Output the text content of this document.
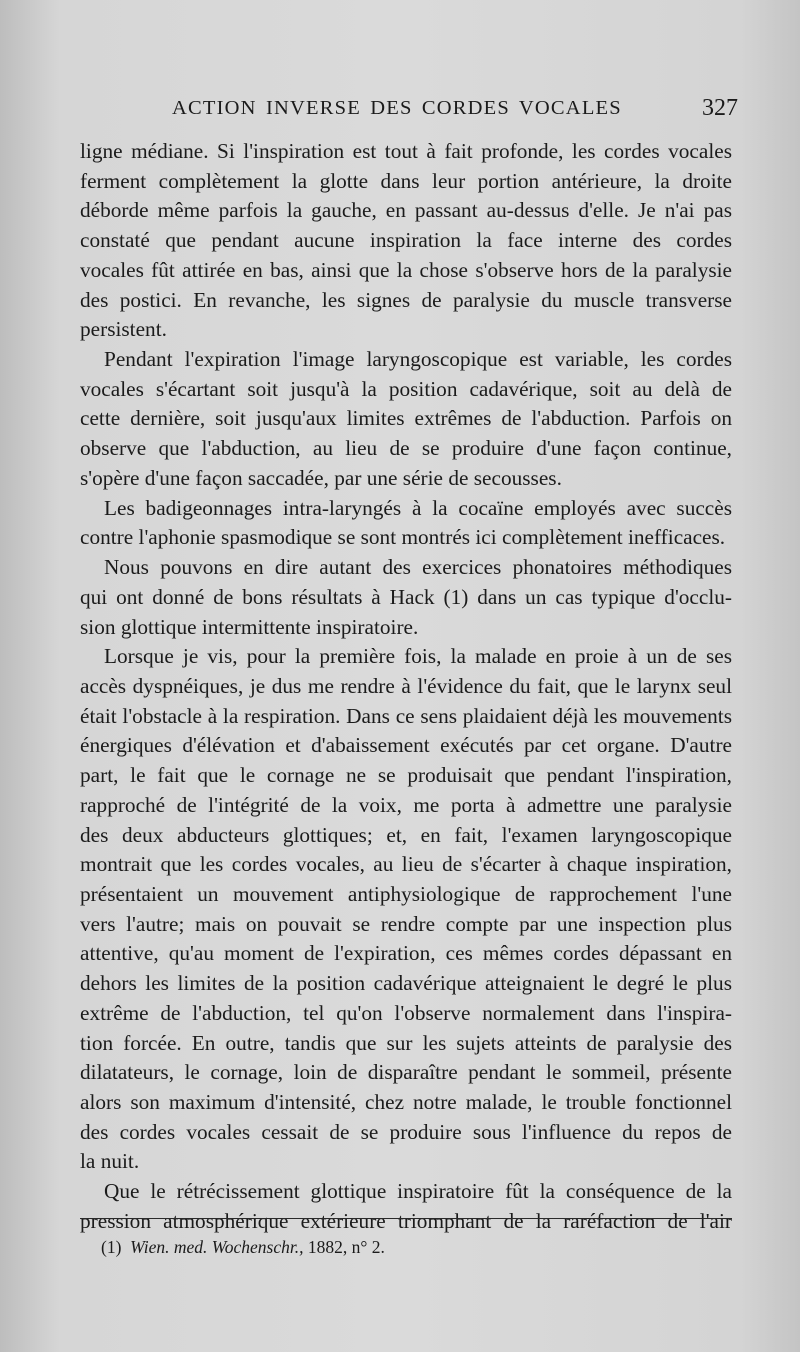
ACTION INVERSE DES CORDES VOCALES	327
ligne médiane. Si l'inspiration est tout à fait profonde, les cordes vocales
ferment complètement la glotte dans leur portion antérieure, la droite
déborde même parfois la gauche, en passant au-dessus d'elle. Je n'ai pas
constaté que pendant aucune inspiration la face interne des cordes
vocales fût attirée en bas, ainsi que la chose s'observe hors de la paralysie
des postici. En revanche, les signes de paralysie du muscle transverse
persistent.
Pendant l'expiration l'image laryngoscopique est variable, les cordes
vocales s'écartant soit jusqu'à la position cadavérique, soit au delà de
cette dernière, soit jusqu'aux limites extrêmes de l'abduction. Parfois on
observe que l'abduction, au lieu de se produire d'une façon continue,
s'opère d'une façon saccadée, par une série de secousses.
Les badigeonnages intra-laryngés à la cocaïne employés avec succès
contre l'aphonie spasmodique se sont montrés ici complètement inefficaces.
Nous pouvons en dire autant des exercices phonatoires méthodiques
qui ont donné de bons résultats à Hack (1) dans un cas typique d'occlu-
sion glottique intermittente inspiratoire.
Lorsque je vis, pour la première fois, la malade en proie à un de ses
accès dyspnéiques, je dus me rendre à l'évidence du fait, que le larynx seul
était l'obstacle à la respiration. Dans ce sens plaidaient déjà les mouvements
énergiques d'élévation et d'abaissement exécutés par cet organe. D'autre
part, le fait que le cornage ne se produisait que pendant l'inspiration,
rapproché de l'intégrité de la voix, me porta à admettre une paralysie
des deux abducteurs glottiques; et, en fait, l'examen laryngoscopique
montrait que les cordes vocales, au lieu de s'écarter à chaque inspiration,
présentaient un mouvement antiphysiologique de rapprochement l'une
vers l'autre; mais on pouvait se rendre compte par une inspection plus
attentive, qu'au moment de l'expiration, ces mêmes cordes dépassant en
dehors les limites de la position cadavérique atteignaient le degré le plus
extrême de l'abduction, tel qu'on l'observe normalement dans l'inspira-
tion forcée. En outre, tandis que sur les sujets atteints de paralysie des
dilatateurs, le cornage, loin de disparaître pendant le sommeil, présente
alors son maximum d'intensité, chez notre malade, le trouble fonctionnel
des cordes vocales cessait de se produire sous l'influence du repos de
la nuit.
Que le rétrécissement glottique inspiratoire fût la conséquence de la
pression atmosphérique extérieure triomphant de la raréfaction de l'air
(1) Wien. med. Wochenschr., 1882, n° 2.
